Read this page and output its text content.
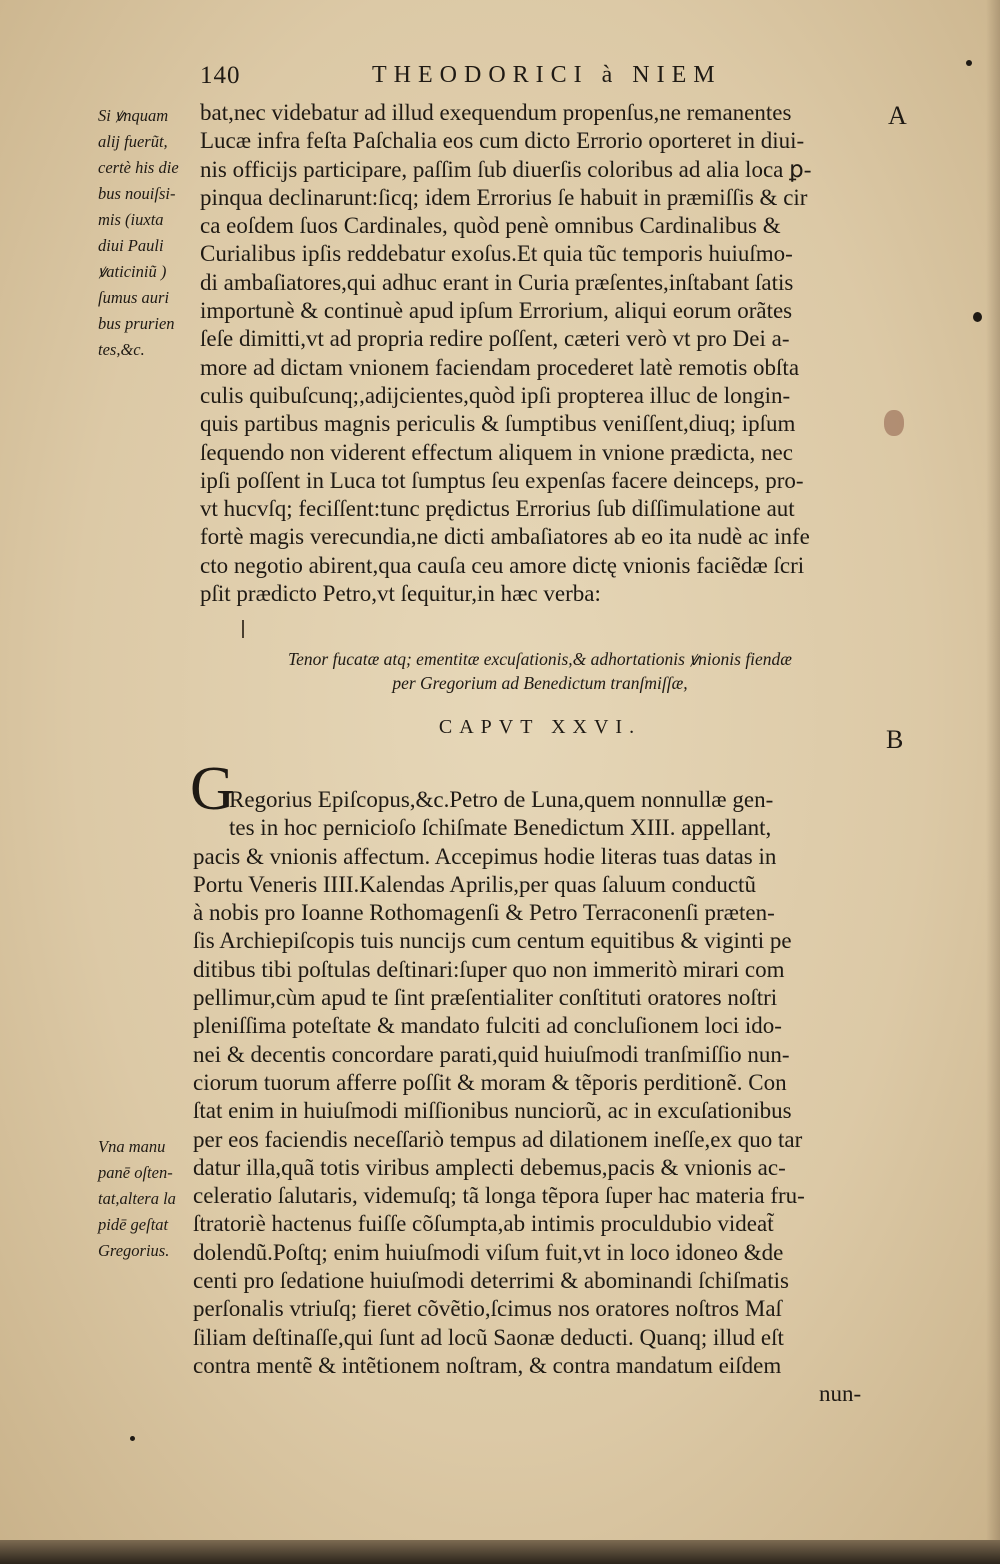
140	THEODORICI à NIEM
A
B
Si ꝟnquam
alij fuerũt,
certè his die
bus nouiſsi-
mis (iuxta
diui Pauli
ꝟaticiniũ )
ſumus auri
bus prurien
tes,&c.
Vna manu
panē oſten-
tat,altera la
pidē geſtat
Gregorius.
bat,nec videbatur ad illud exequendum propenſus,ne remanentes
Lucæ infra feſta Paſchalia eos cum dicto Errorio oporteret in diui-
nis officijs participare, paſſim ſub diuerſis coloribus ad alia loca ꝑ-
pinqua declinarunt:ſicq; idem Errorius ſe habuit in præmiſſis & cir
ca eoſdem ſuos Cardinales, quòd penè omnibus Cardinalibus &
Curialibus ipſis reddebatur exoſus.Et quia tũc temporis huiuſmo-
di ambaſiatores,qui adhuc erant in Curia præſentes,inſtabant ſatis
importunè & continuè apud ipſum Errorium, aliqui eorum orãtes
ſeſe dimitti,vt ad propria redire poſſent, cæteri verò vt pro Dei a-
more ad dictam vnionem faciendam procederet latè remotis obſta
culis quibuſcunq;,adijcientes,quòd ipſi propterea illuc de longin-
quis partibus magnis periculis & ſumptibus veniſſent,diuq; ipſum
ſequendo non viderent effectum aliquem in vnione prædicta, nec
ipſi poſſent in Luca tot ſumptus ſeu expenſas facere deinceps, pro-
vt hucvſq; feciſſent:tunc prędictus Errorius ſub diſſimulatione aut
fortè magis verecundia,ne dicti ambaſiatores ab eo ita nudè ac infe
cto negotio abirent,qua cauſa ceu amore dictę vnionis faciẽdæ ſcri
pſit prædicto Petro,vt ſequitur,in hæc verba:
Tenor fucatæ atq; ementitæ excuſationis,& adhortationis ꝟnionis fiendæ
per Gregorium ad Benedictum tranſmiſſæ,
CAPVT XXVI.
G
Regorius Epiſcopus,&c.Petro de Luna,quem nonnullæ gen-
tes in hoc pernicioſo ſchiſmate Benedictum XIII. appellant,
pacis & vnionis affectum. Accepimus hodie literas tuas datas in
Portu Veneris IIII.Kalendas Aprilis,per quas ſaluum conductũ
à nobis pro Ioanne Rothomagenſi & Petro Terraconenſi præten-
ſis Archiepiſcopis tuis nuncijs cum centum equitibus & viginti pe
ditibus tibi poſtulas deſtinari:ſuper quo non immeritò mirari com
pellimur,cùm apud te ſint præſentialiter conſtituti oratores noſtri
pleniſſima poteſtate & mandato fulciti ad concluſionem loci ido-
nei & decentis concordare parati,quid huiuſmodi tranſmiſſio nun-
ciorum tuorum afferre poſſit & moram & tẽporis perditionẽ. Con
ſtat enim in huiuſmodi miſſionibus nunciorũ, ac in excuſationibus
per eos faciendis neceſſariò tempus ad dilationem ineſſe,ex quo tar
datur illa,quã totis viribus amplecti debemus,pacis & vnionis ac-
celeratio ſalutaris, videmuſq; tã longa tẽpora ſuper hac materia fru-
ſtratoriè hactenus fuiſſe cõſumpta,ab intimis proculdubio videat̃
dolendũ.Poſtq; enim huiuſmodi viſum fuit,vt in loco idoneo &de
centi pro ſedatione huiuſmodi deterrimi & abominandi ſchiſmatis
perſonalis vtriuſq; fieret cõvẽtio,ſcimus nos oratores noſtros Maſ
ſiliam deſtinaſſe,qui ſunt ad locũ Saonæ deducti. Quanq; illud eſt
contra mentẽ & intẽtionem noſtram, & contra mandatum eiſdem
nun-
